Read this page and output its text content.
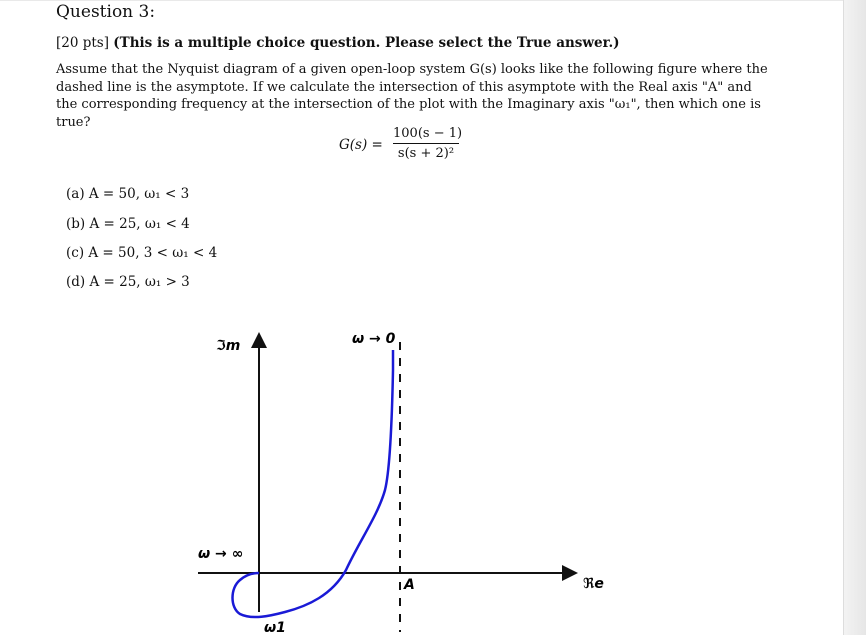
Question 3:
[20 pts] (This is a multiple choice question. Please select the True answer.)
Assume that the Nyquist diagram of a given open-loop system G(s) looks like the following figure where the
dashed line is the asymptote. If we calculate the intersection of this asymptote with the Real axis "A" and
the corresponding frequency at the intersection of the plot with the Imaginary axis "ω₁", then which one is
true?
G(s) =
100(s − 1)
s(s + 2)²
(a) A = 50, ω₁ < 3
(b) A = 25, ω₁ < 4
(c) A = 50, 3 < ω₁ < 4
(d) A = 25, ω₁ > 3
ℑm
ℜe
ω → 0
ω → ∞
A
ω1
